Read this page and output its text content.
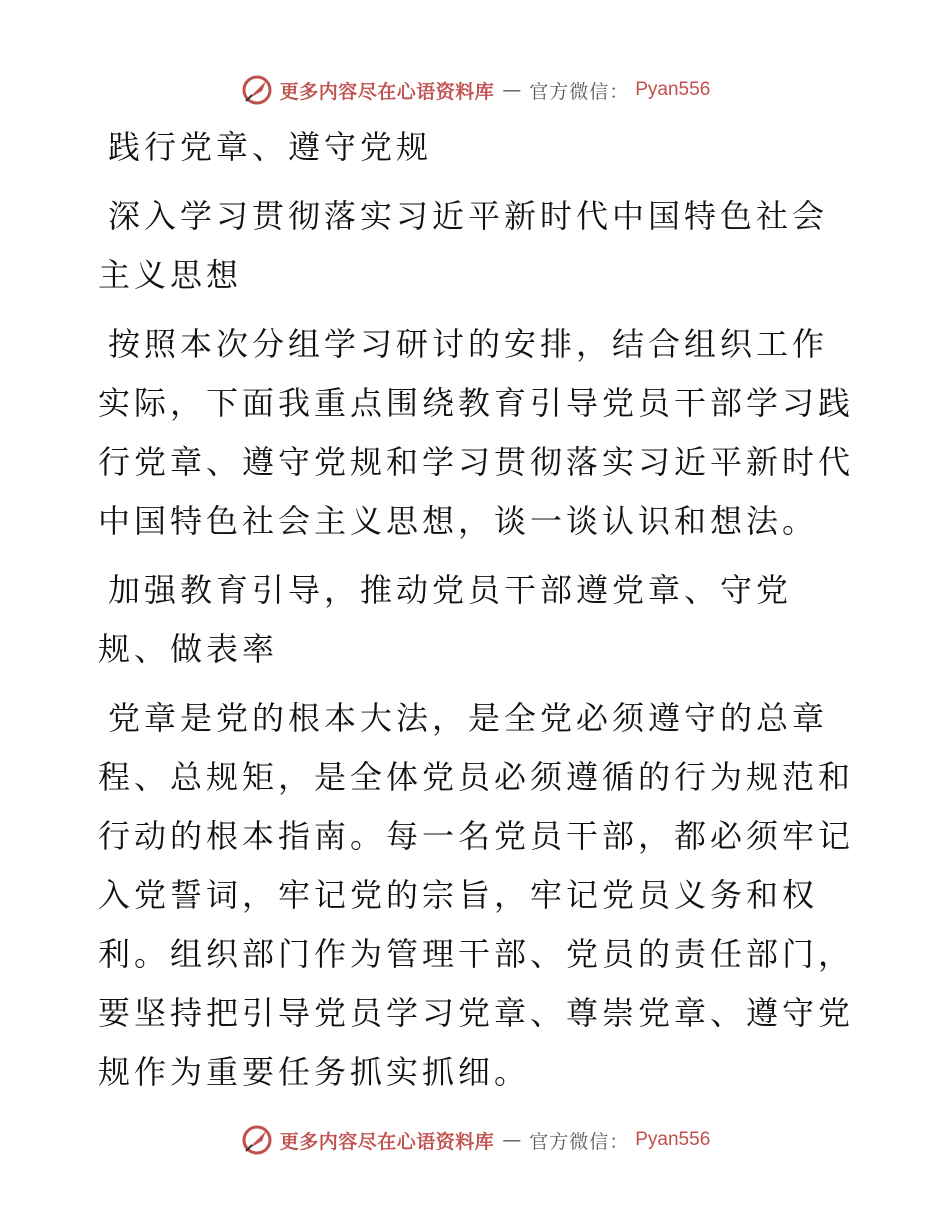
更多内容尽在心语资料库 — 官方微信： Pyan556

践行党章、遵守党规

深入学习贯彻落实习近平新时代中国特色社会主义思想

按照本次分组学习研讨的安排，结合组织工作实际，下面我重点围绕教育引导党员干部学习践行党章、遵守党规和学习贯彻落实习近平新时代中国特色社会主义思想，谈一谈认识和想法。

加强教育引导，推动党员干部遵党章、守党规、做表率

党章是党的根本大法，是全党必须遵守的总章程、总规矩，是全体党员必须遵循的行为规范和行动的根本指南。每一名党员干部，都必须牢记入党誓词，牢记党的宗旨，牢记党员义务和权利。组织部门作为管理干部、党员的责任部门，要坚持把引导党员学习党章、尊崇党章、遵守党规作为重要任务抓实抓细。

更多内容尽在心语资料库 — 官方微信： Pyan556
